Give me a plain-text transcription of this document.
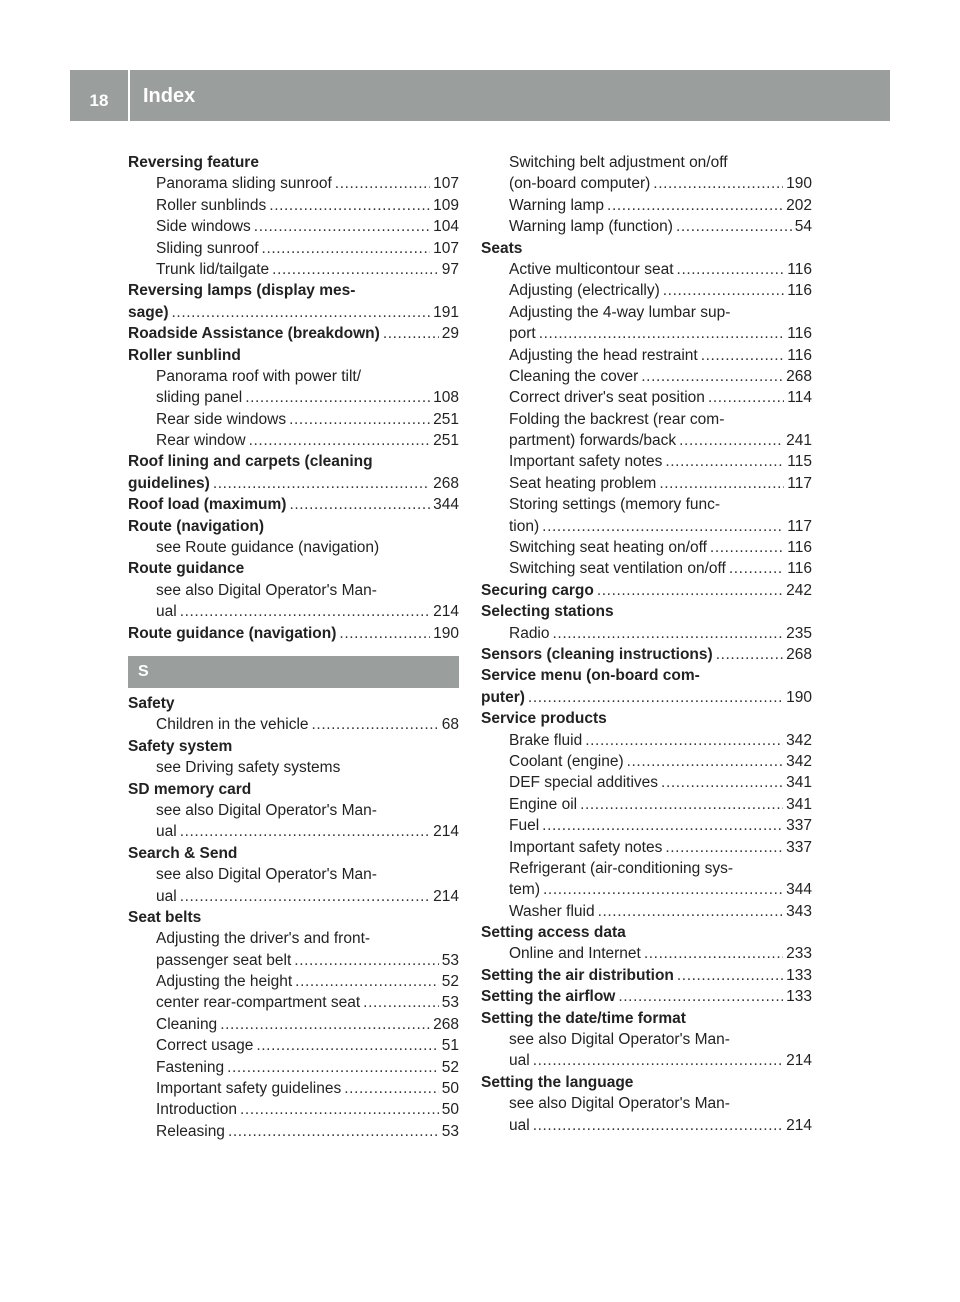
18	Index
Reversing feature
Panorama sliding sunroof .....	107
Roller sunblinds .....	109
Side windows .....	104
Sliding sunroof .....	107
Trunk lid/tailgate .....	97
Reversing lamps (display mes-
sage) .....	191
Roadside Assistance (breakdown) .....	29
Roller sunblind
Panorama roof with power tilt/
sliding panel .....	108
Rear side windows .....	251
Rear window .....	251
Roof lining and carpets (cleaning
guidelines) .....	268
Roof load (maximum) .....	344
Route (navigation)
see Route guidance (navigation)
Route guidance
see also Digital Operator's Man-
ual .....	214
Route guidance (navigation) .....	190
S
Safety
Children in the vehicle .....	68
Safety system
see Driving safety systems
SD memory card
see also Digital Operator's Man-
ual .....	214
Search & Send
see also Digital Operator's Man-
ual .....	214
Seat belts
Adjusting the driver's and front-
passenger seat belt .....	53
Adjusting the height .....	52
center rear-compartment seat .....	53
Cleaning .....	268
Correct usage .....	51
Fastening .....	52
Important safety guidelines .....	50
Introduction .....	50
Releasing .....	53
Switching belt adjustment on/off
(on-board computer) .....	190
Warning lamp .....	202
Warning lamp (function) .....	54
Seats
Active multicontour seat .....	116
Adjusting (electrically) .....	116
Adjusting the 4-way lumbar sup-
port .....	116
Adjusting the head restraint .....	116
Cleaning the cover .....	268
Correct driver's seat position .....	114
Folding the backrest (rear com-
partment) forwards/back .....	241
Important safety notes .....	115
Seat heating problem .....	117
Storing settings (memory func-
tion) .....	117
Switching seat heating on/off .....	116
Switching seat ventilation on/off .....	116
Securing cargo .....	242
Selecting stations
Radio .....	235
Sensors (cleaning instructions) .....	268
Service menu (on-board com-
puter) .....	190
Service products
Brake fluid .....	342
Coolant (engine) .....	342
DEF special additives .....	341
Engine oil .....	341
Fuel .....	337
Important safety notes .....	337
Refrigerant (air-conditioning sys-
tem) .....	344
Washer fluid .....	343
Setting access data
Online and Internet .....	233
Setting the air distribution .....	133
Setting the airflow .....	133
Setting the date/time format
see also Digital Operator's Man-
ual .....	214
Setting the language
see also Digital Operator's Man-
ual .....	214
